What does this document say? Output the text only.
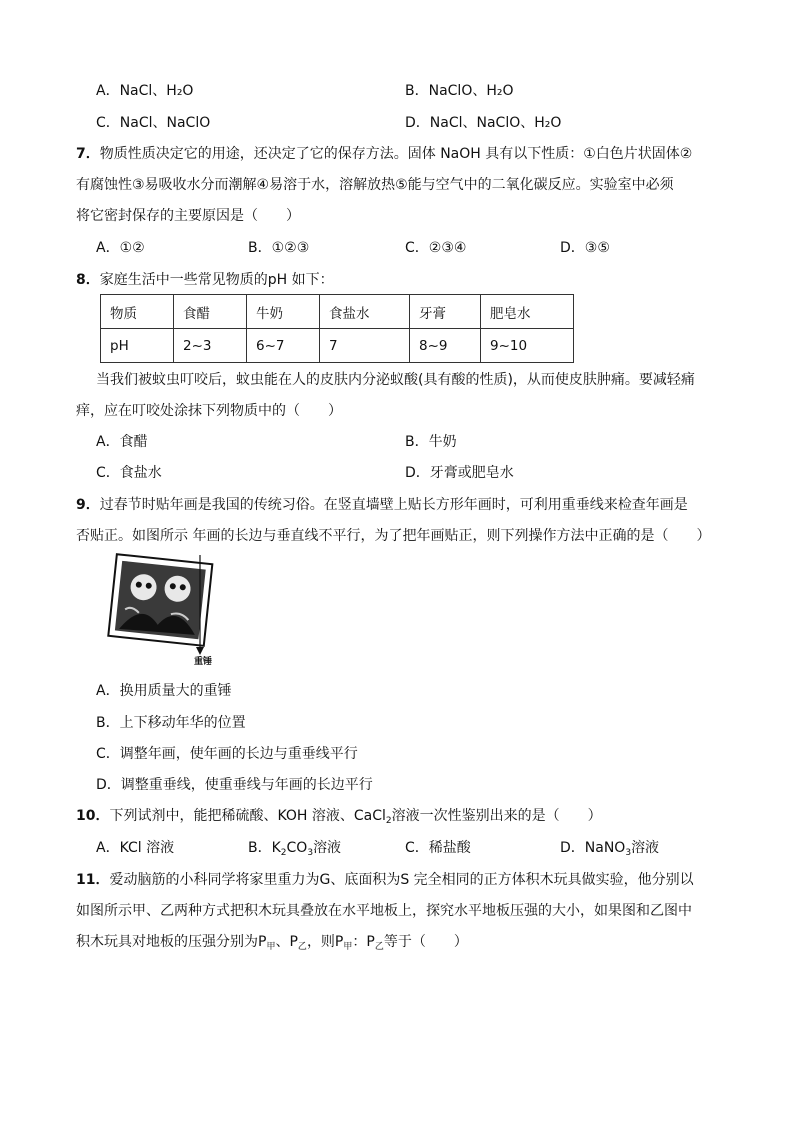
A．NaCl、H₂O	B．NaClO、H₂O
C．NaCl、NaClO	D．NaCl、NaClO、H₂O
7．物质性质决定它的用途，还决定了它的保存方法。固体 NaOH 具有以下性质：①白色片状固体②
有腐蚀性③易吸收水分而潮解④易溶于水，溶解放热⑤能与空气中的二氧化碳反应。实验室中必须
将它密封保存的主要原因是（　　）
A．①②	B．①②③	C．②③④	D．③⑤
8．家庭生活中一些常见物质的pH 如下：
物质	食醋	牛奶	食盐水	牙膏	肥皂水
pH	2~3	6~7	7	8~9	9~10
当我们被蚊虫叮咬后，蚊虫能在人的皮肤内分泌蚁酸(具有酸的性质)，从而使皮肤肿痛。要减轻痛
痒，应在叮咬处涂抹下列物质中的（　　）
A．食醋	B．牛奶
C．食盐水	D．牙膏或肥皂水
9．过春节时贴年画是我国的传统习俗。在竖直墙壁上贴长方形年画时，可利用重垂线来检查年画是
否贴正。如图所示 年画的长边与垂直线不平行，为了把年画贴正，则下列操作方法中正确的是（　　）
重锤
A．换用质量大的重锤
B．上下移动年华的位置
C．调整年画，使年画的长边与重垂线平行
D．调整重垂线，使重垂线与年画的长边平行
10．下列试剂中，能把稀硫酸、KOH 溶液、CaCl$_2$溶液一次性鉴别出来的是（　　）
A．KCl 溶液	B．$K_2CO_3$溶液	C．稀盐酸	D．NaNO$_3$溶液
11．爱动脑筋的小科同学将家里重力为G、底面积为S 完全相同的正方体积木玩具做实验，他分别以
如图所示甲、乙两种方式把积木玩具叠放在水平地板上，探究水平地板压强的大小，如果图和乙图中
积木玩具对地板的压强分别为$P_甲$、$P_乙$，则$P_甲$：$P_乙$等于（　　）
